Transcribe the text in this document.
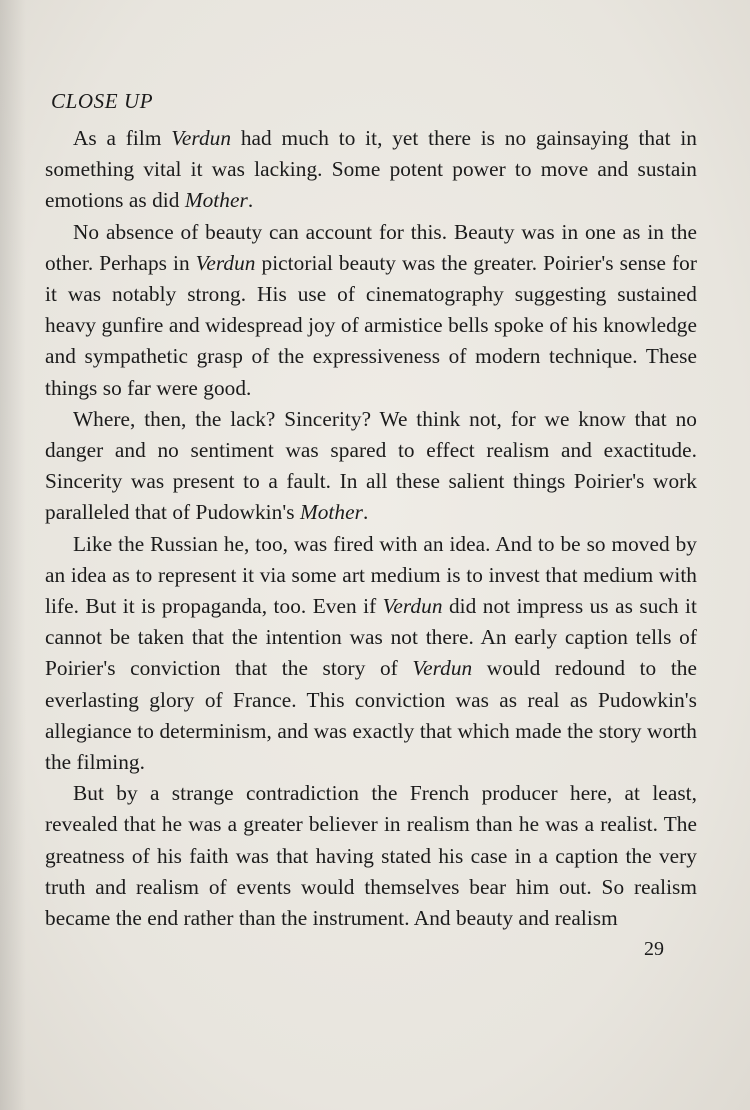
CLOSE UP

As a film Verdun had much to it, yet there is no gainsaying that in something vital it was lacking. Some potent power to move and sustain emotions as did Mother.

No absence of beauty can account for this. Beauty was in one as in the other. Perhaps in Verdun pictorial beauty was the greater. Poirier's sense for it was notably strong. His use of cinematography suggesting sustained heavy gunfire and widespread joy of armistice bells spoke of his knowledge and sympathetic grasp of the expressiveness of modern technique. These things so far were good.

Where, then, the lack? Sincerity? We think not, for we know that no danger and no sentiment was spared to effect realism and exactitude. Sincerity was present to a fault. In all these salient things Poirier's work paralleled that of Pudowkin's Mother.

Like the Russian he, too, was fired with an idea. And to be so moved by an idea as to represent it via some art medium is to invest that medium with life. But it is propaganda, too. Even if Verdun did not impress us as such it cannot be taken that the intention was not there. An early caption tells of Poirier's conviction that the story of Verdun would redound to the everlasting glory of France. This conviction was as real as Pudowkin's allegiance to determinism, and was exactly that which made the story worth the filming.

But by a strange contradiction the French producer here, at least, revealed that he was a greater believer in realism than he was a realist. The greatness of his faith was that having stated his case in a caption the very truth and realism of events would themselves bear him out. So realism became the end rather than the instrument. And beauty and realism

29
